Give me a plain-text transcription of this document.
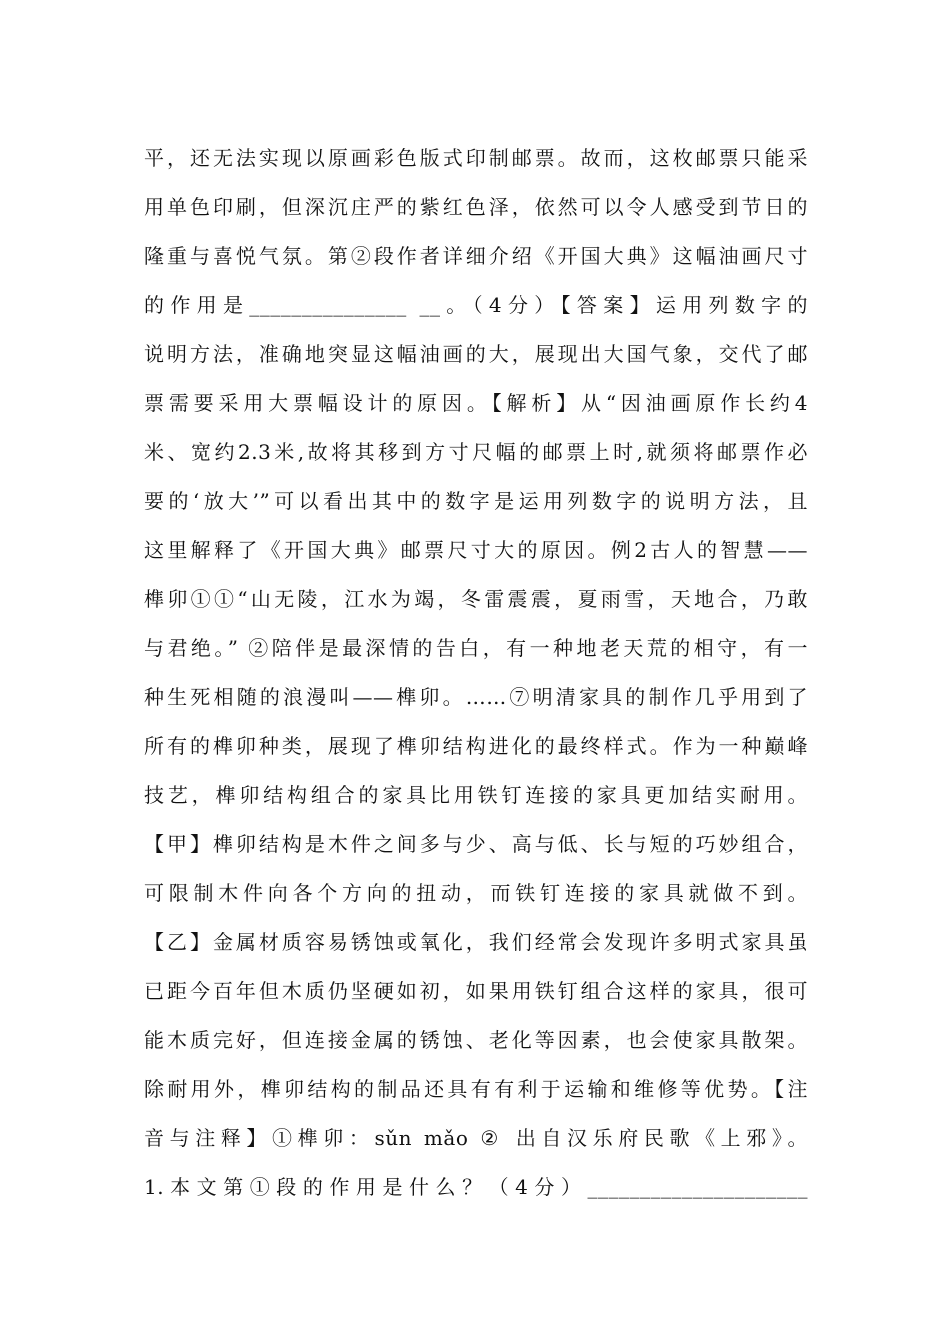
平，还无法实现以原画彩色版式印制邮票。故而，这枚邮票只能采
用单色印刷，但深沉庄严的紫红色泽，依然可以令人感受到节日的
隆重与喜悦气氛。第②段作者详细介绍《开国大典》这幅油画尺寸
的作用是_______________ __。（4分）【答案】运用列数字的
说明方法，准确地突显这幅油画的大，展现出大国气象，交代了邮
票需要采用大票幅设计的原因。【解析】从“因油画原作长约4
米、宽约2.3米,故将其移到方寸尺幅的邮票上时,就须将邮票作必
要的‘放大’”可以看出其中的数字是运用列数字的说明方法，且
这里解释了《开国大典》邮票尺寸大的原因。例2古人的智慧——
榫卯①①“山无陵，江水为竭，冬雷震震，夏雨雪，天地合，乃敢
与君绝。” ②陪伴是最深情的告白，有一种地老天荒的相守，有一
种生死相随的浪漫叫——榫卯。……⑦明清家具的制作几乎用到了
所有的榫卯种类，展现了榫卯结构进化的最终样式。作为一种巅峰
技艺，榫卯结构组合的家具比用铁钉连接的家具更加结实耐用。
【甲】榫卯结构是木件之间多与少、高与低、长与短的巧妙组合，
可限制木件向各个方向的扭动，而铁钉连接的家具就做不到。
【乙】金属材质容易锈蚀或氧化，我们经常会发现许多明式家具虽
已距今百年但木质仍坚硬如初，如果用铁钉组合这样的家具，很可
能木质完好，但连接金属的锈蚀、老化等因素，也会使家具散架。
除耐用外，榫卯结构的制品还具有有利于运输和维修等优势。【注
音与注释】①榫卯：sǔn mǎo ② 出自汉乐府民歌《上邪》。
1.本文第①段的作用是什么？（4分）_____________________
